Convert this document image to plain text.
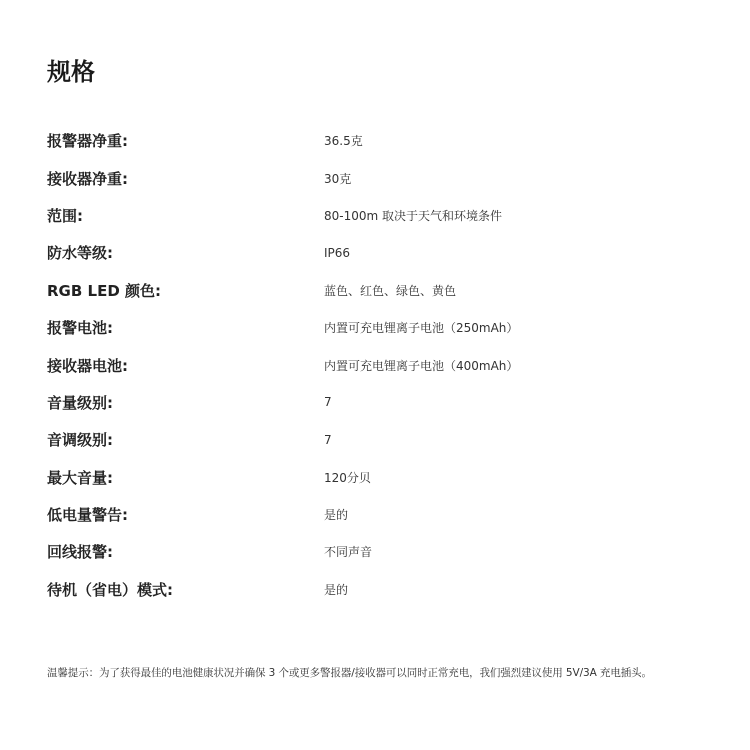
规格
报警器净重:	36.5克
接收器净重:	30克
范围:	80-100m 取决于天气和环境条件
防水等级:	IP66
RGB LED 颜色:	蓝色、红色、绿色、黄色
报警电池:	内置可充电锂离子电池（250mAh）
接收器电池:	内置可充电锂离子电池（400mAh）
音量级别:	7
音调级别:	7
最大音量:	120分贝
低电量警告:	是的
回线报警:	不同声音
待机（省电）模式:	是的

温馨提示：为了获得最佳的电池健康状况并确保 3 个或更多警报器/接收器可以同时正常充电，我们强烈建议使用 5V/3A 充电插头。
